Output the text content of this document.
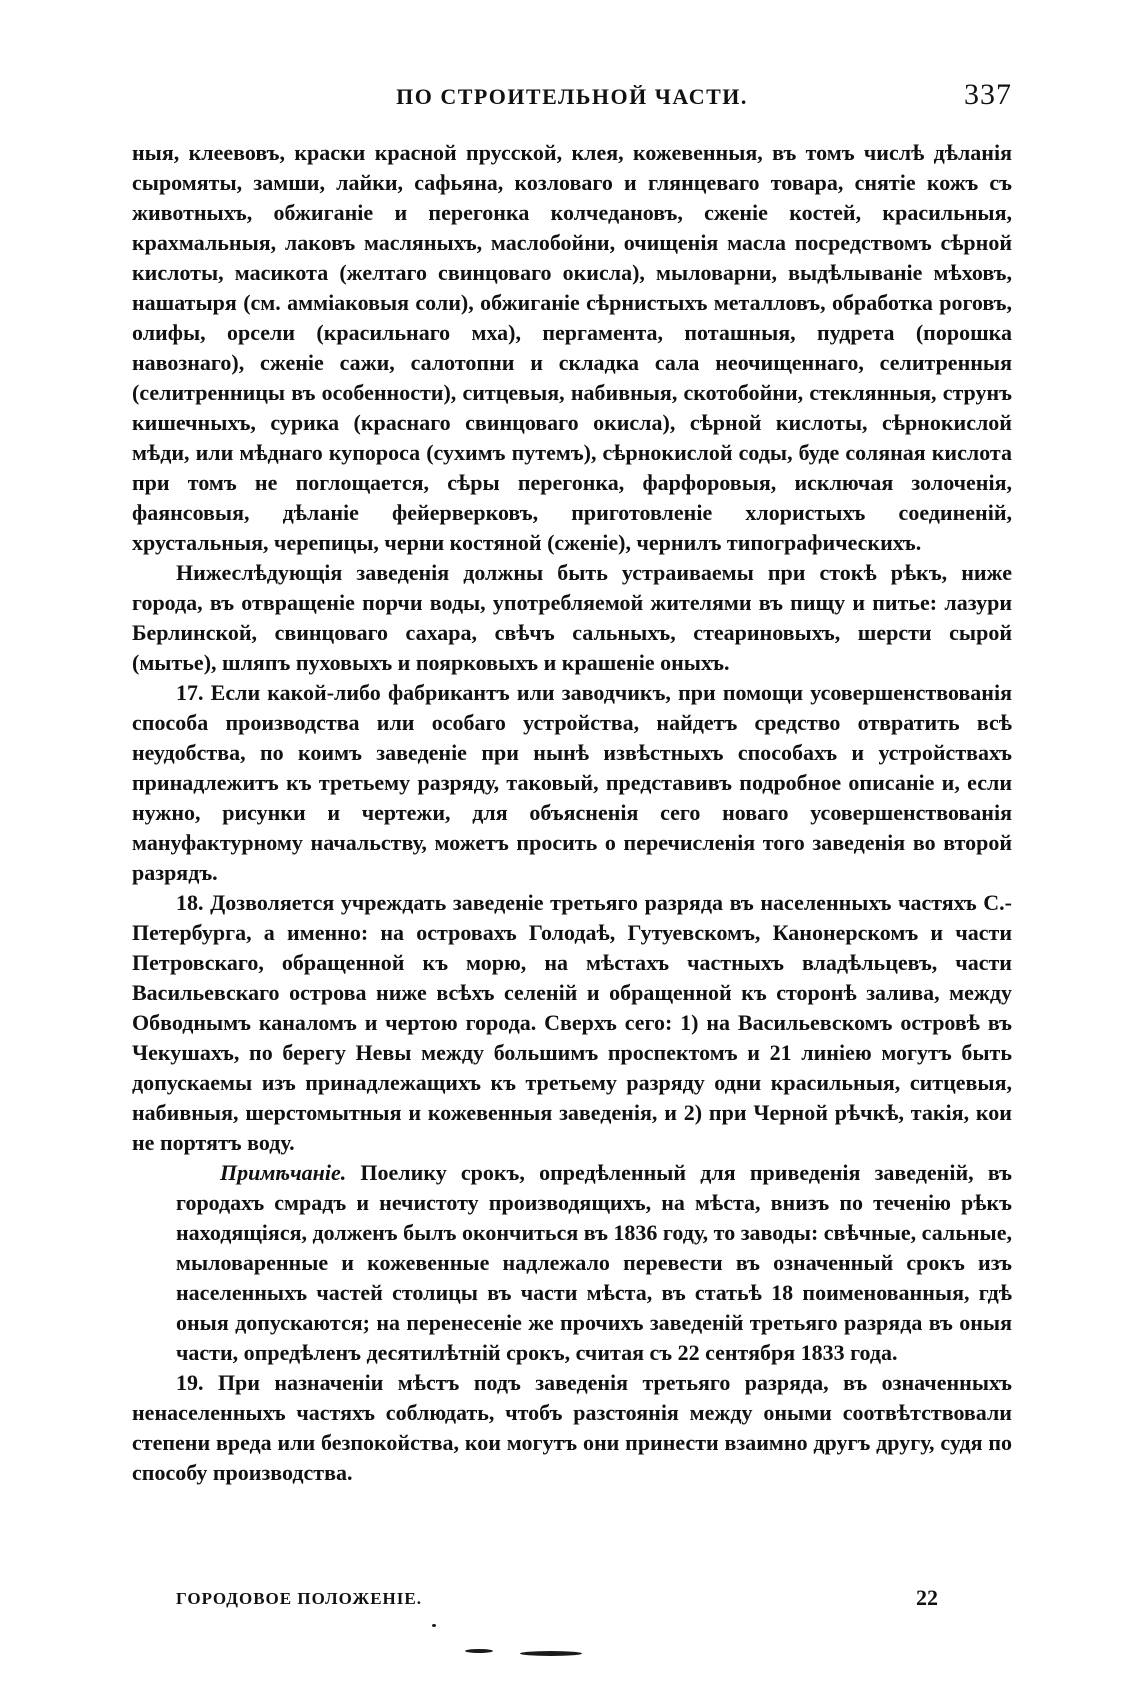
ПО СТРОИТЕЛЬНОЙ ЧАСТИ.	337

ныя, клеевовъ, краски красной прусской, клея, кожевенныя, въ томъ числѣ дѣланія сыромяты, замши, лайки, сафьяна, козловаго и глянцеваго товара, снятіе кожъ съ животныхъ, обжиганіе и перегонка колчедановъ, сженіе костей, красильныя, крахмальныя, лаковъ масляныхъ, маслобойни, очищенія масла посредствомъ сѣрной кислоты, масикота (желтаго свинцоваго окисла), мыловарни, выдѣлываніе мѣховъ, нашатыря (см. амміаковыя соли), обжиганіе сѣрнистыхъ металловъ, обработка роговъ, олифы, орсели (красильнаго мха), пергамента, поташныя, пудрета (порошка навознаго), сженіе сажи, салотопни и складка сала неочищеннаго, селитренныя (селитренницы въ особенности), ситцевыя, набивныя, скотобойни, стеклянныя, струнъ кишечныхъ, сурика (краснаго свинцоваго окисла), сѣрной кислоты, сѣрнокислой мѣди, или мѣднаго купороса (сухимъ путемъ), сѣрнокислой соды, буде соляная кислота при томъ не поглощается, сѣры перегонка, фарфоровыя, исключая золоченія, фаянсовыя, дѣланіе фейерверковъ, приготовленіе хлористыхъ соединеній, хрустальныя, черепицы, черни костяной (сженіе), чернилъ типографическихъ.

Нижеслѣдующія заведенія должны быть устраиваемы при стокѣ рѣкъ, ниже города, въ отвращеніе порчи воды, употребляемой жителями въ пищу и питье: лазури Берлинской, свинцоваго сахара, свѣчъ сальныхъ, стеариновыхъ, шерсти сырой (мытье), шляпъ пуховыхъ и поярковыхъ и крашеніе оныхъ.

17. Если какой-либо фабрикантъ или заводчикъ, при помощи усовершенствованія способа производства или особаго устройства, найдетъ средство отвратить всѣ неудобства, по коимъ заведеніе при нынѣ извѣстныхъ способахъ и устройствахъ принадлежитъ къ третьему разряду, таковый, представивъ подробное описаніе и, если нужно, рисунки и чертежи, для объясненія сего новаго усовершенствованія мануфактурному начальству, можетъ просить о перечисленія того заведенія во второй разрядъ.

18. Дозволяется учреждать заведеніе третьяго разряда въ населенныхъ частяхъ С.-Петербурга, а именно: на островахъ Голодаѣ, Гутуевскомъ, Канонерскомъ и части Петровскаго, обращенной къ морю, на мѣстахъ частныхъ владѣльцевъ, части Васильевскаго острова ниже всѣхъ селеній и обращенной къ сторонѣ залива, между Обводнымъ каналомъ и чертою города. Сверхъ сего: 1) на Васильевскомъ островѣ въ Чекушахъ, по берегу Невы между большимъ проспектомъ и 21 линіею могутъ быть допускаемы изъ принадлежащихъ къ третьему разряду одни красильныя, ситцевыя, набивныя, шерстомытныя и кожевенныя заведенія, и 2) при Черной рѣчкѣ, такія, кои не портятъ воду.

Примѣчаніе. Поелику срокъ, опредѣленный для приведенія заведеній, въ городахъ смрадъ и нечистоту производящихъ, на мѣста, внизъ по теченію рѣкъ находящіяся, долженъ былъ окончиться въ 1836 году, то заводы: свѣчные, сальные, мыловаренные и кожевенные надлежало перевести въ означенный срокъ изъ населенныхъ частей столицы въ части мѣста, въ статьѣ 18 поименованныя, гдѣ оныя допускаются; на перенесеніе же прочихъ заведеній третьяго разряда въ оныя части, опредѣленъ десятилѣтній срокъ, считая съ 22 сентября 1833 года.

19. При назначеніи мѣстъ подъ заведенія третьяго разряда, въ означенныхъ ненаселенныхъ частяхъ соблюдать, чтобъ разстоянія между оными соотвѣтствовали степени вреда или безпокойства, кои могутъ они принести взаимно другъ другу, судя по способу производства.

ГОРОДОВОЕ ПОЛОЖЕНІЕ.	22
